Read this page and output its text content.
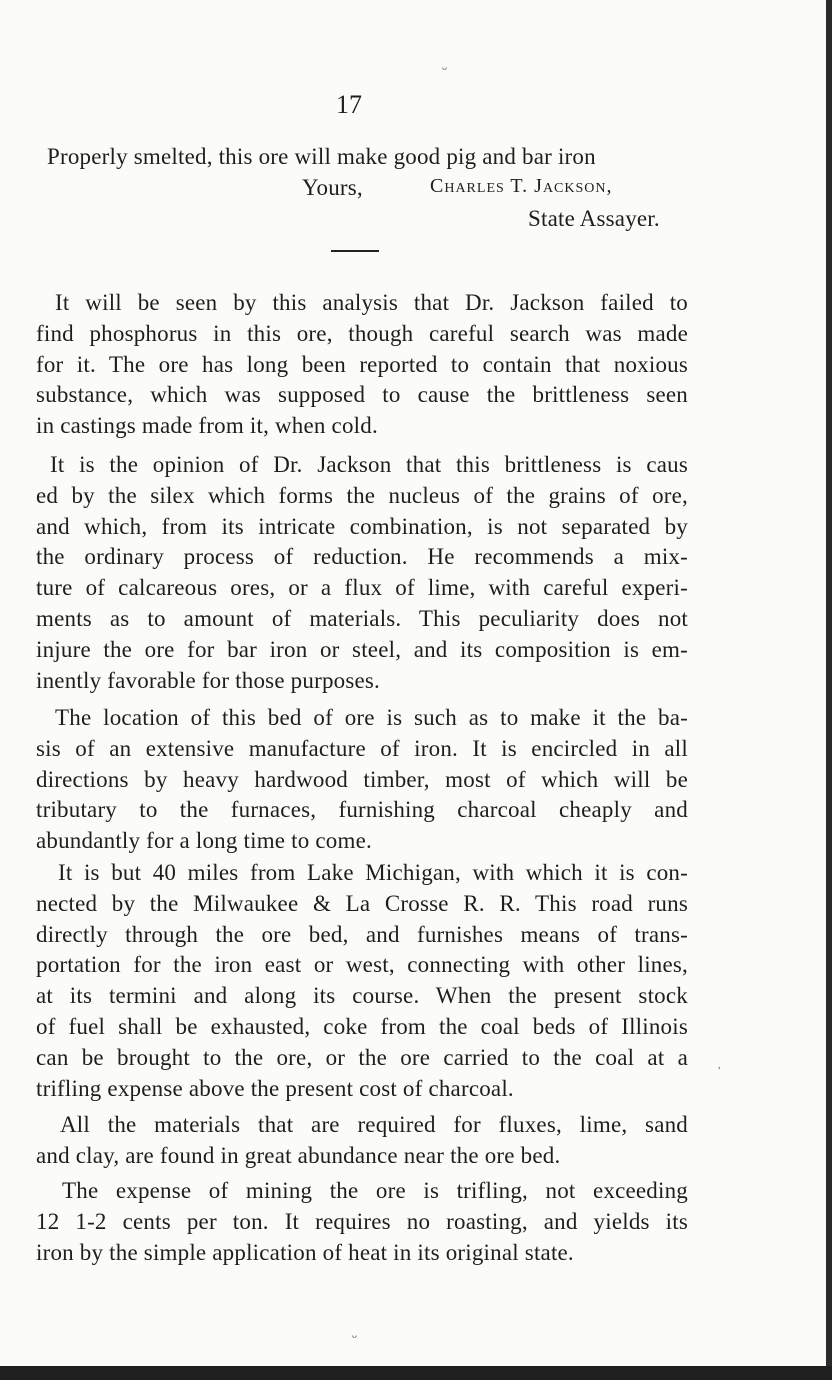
ᴗ
ᴗ
,
17
Properly smelted, this ore will make good pig and bar iron
Yours,	Charles T. Jackson,
State Assayer.
It will be seen by this analysis that Dr. Jackson failed to
find phosphorus in this ore, though careful search was made
for it. The ore has long been reported to contain that noxious
substance, which was supposed to cause the brittleness seen
in castings made from it, when cold.
It is the opinion of Dr. Jackson that this brittleness is caus
ed by the silex which forms the nucleus of the grains of ore,
and which, from its intricate combination, is not separated by
the ordinary process of reduction. He recommends a mix-
ture of calcareous ores, or a flux of lime, with careful experi-
ments as to amount of materials. This peculiarity does not
injure the ore for bar iron or steel, and its composition is em-
inently favorable for those purposes.
The location of this bed of ore is such as to make it the ba-
sis of an extensive manufacture of iron. It is encircled in all
directions by heavy hardwood timber, most of which will be
tributary to the furnaces, furnishing charcoal cheaply and
abundantly for a long time to come.
It is but 40 miles from Lake Michigan, with which it is con-
nected by the Milwaukee & La Crosse R. R. This road runs
directly through the ore bed, and furnishes means of trans-
portation for the iron east or west, connecting with other lines,
at its termini and along its course. When the present stock
of fuel shall be exhausted, coke from the coal beds of Illinois
can be brought to the ore, or the ore carried to the coal at a
trifling expense above the present cost of charcoal.
All the materials that are required for fluxes, lime, sand
and clay, are found in great abundance near the ore bed.
The expense of mining the ore is trifling, not exceeding
12 1-2 cents per ton. It requires no roasting, and yields its
iron by the simple application of heat in its original state.
